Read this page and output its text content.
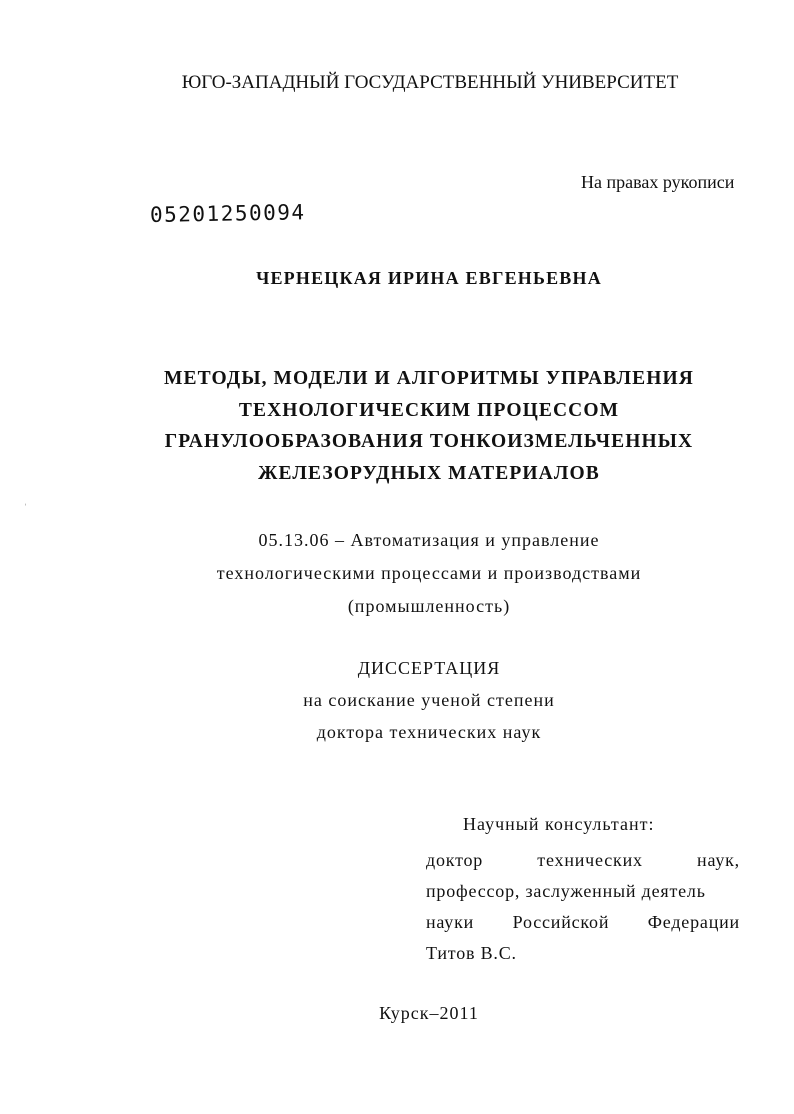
ЮГО-ЗАПАДНЫЙ ГОСУДАРСТВЕННЫЙ УНИВЕРСИТЕТ
На правах рукописи
05201250094
ЧЕРНЕЦКАЯ ИРИНА ЕВГЕНЬЕВНА
МЕТОДЫ, МОДЕЛИ И АЛГОРИТМЫ УПРАВЛЕНИЯ
ТЕХНОЛОГИЧЕСКИМ ПРОЦЕССОМ
ГРАНУЛООБРАЗОВАНИЯ ТОНКОИЗМЕЛЬЧЕННЫХ
ЖЕЛЕЗОРУДНЫХ МАТЕРИАЛОВ
˒
05.13.06 – Автоматизация и управление
технологическими процессами и производствами
(промышленность)
ДИССЕРТАЦИЯ
на соискание ученой степени
доктора технических наук
Научный консультант:
доктор	технических	наук,
профессор, заслуженный деятель
науки Российской Федерации
Титов В.С.
Курск–2011
